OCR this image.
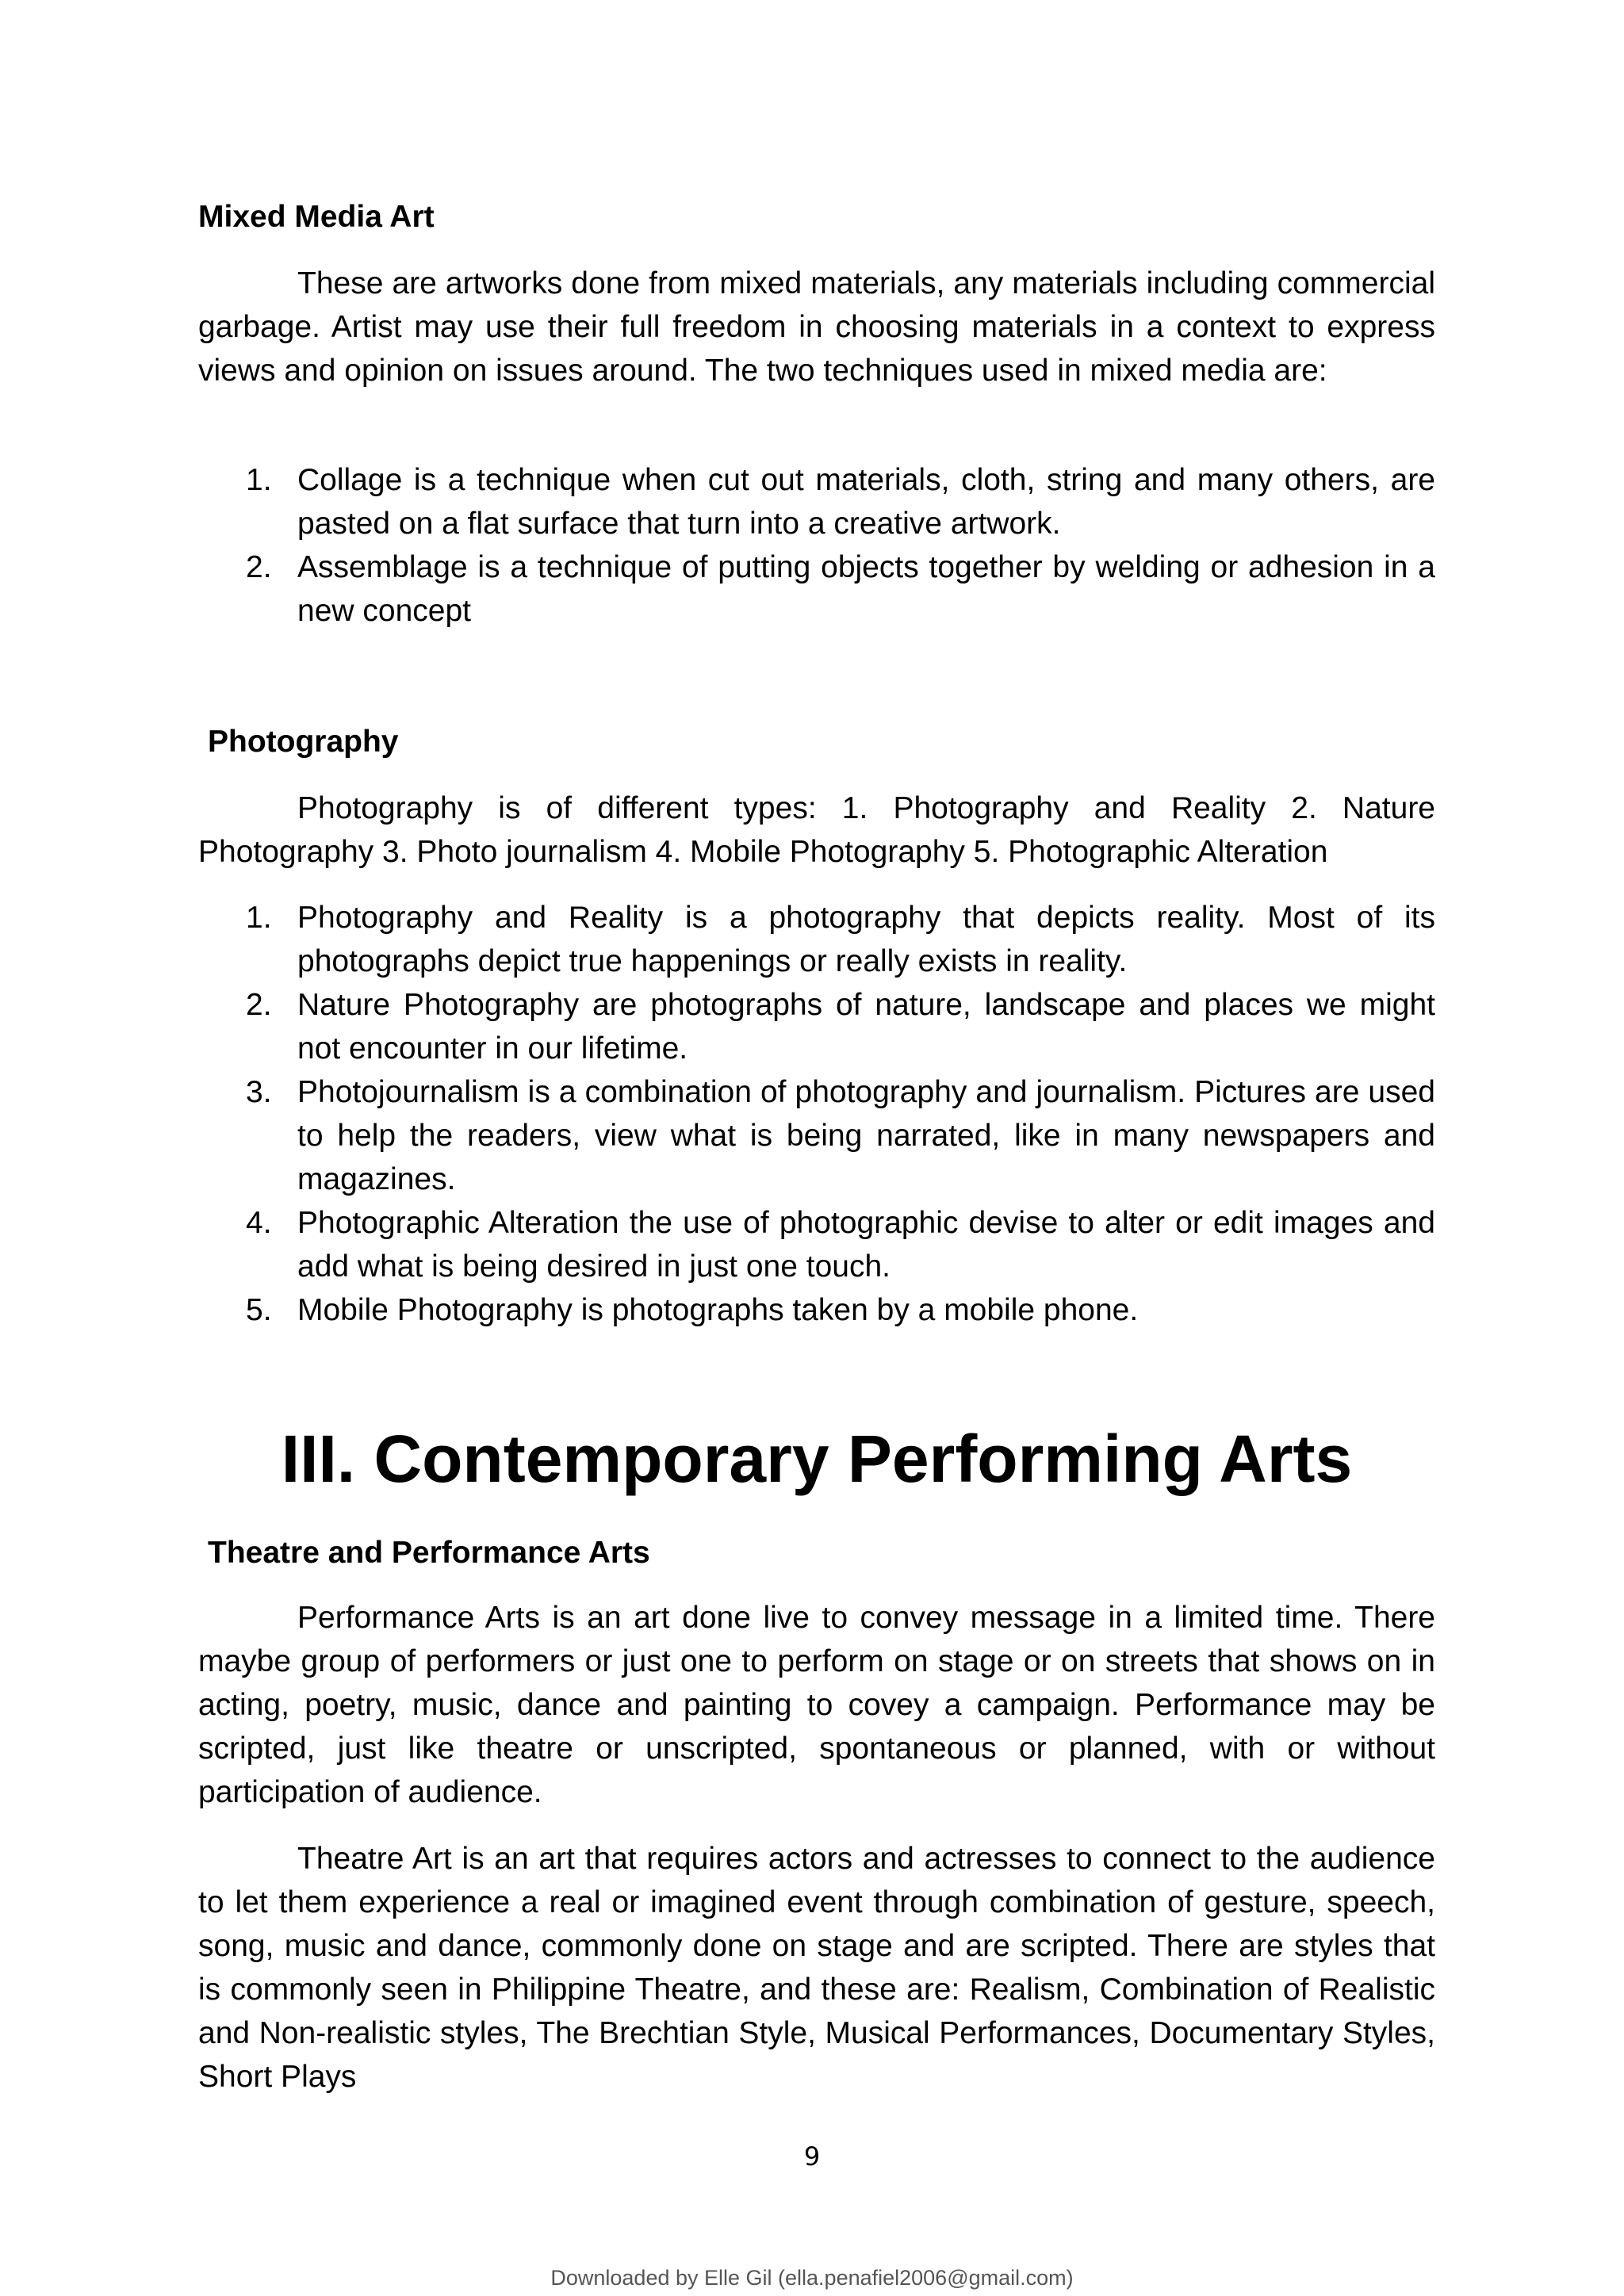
Mixed Media Art

These are artworks done from mixed materials, any materials including commercial garbage. Artist may use their full freedom in choosing materials in a context to express views and opinion on issues around. The two techniques used in mixed media are:

1. Collage is a technique when cut out materials, cloth, string and many others, are pasted on a flat surface that turn into a creative artwork.
2. Assemblage is a technique of putting objects together by welding or adhesion in a new concept
Photography

Photography is of different types: 1. Photography and Reality 2. Nature Photography 3. Photo journalism 4. Mobile Photography 5. Photographic Alteration

1. Photography and Reality is a photography that depicts reality. Most of its photographs depict true happenings or really exists in reality.
2. Nature Photography are photographs of nature, landscape and places we might not encounter in our lifetime.
3. Photojournalism is a combination of photography and journalism. Pictures are used to help the readers, view what is being narrated, like in many newspapers and magazines.
4. Photographic Alteration the use of photographic devise to alter or edit images and add what is being desired in just one touch.
5. Mobile Photography is photographs taken by a mobile phone.
III. Contemporary Performing Arts
Theatre and Performance Arts

Performance Arts is an art done live to convey message in a limited time. There maybe group of performers or just one to perform on stage or on streets that shows on in acting, poetry, music, dance and painting to covey a campaign. Performance may be scripted, just like theatre or unscripted, spontaneous or planned, with or without participation of audience.

Theatre Art is an art that requires actors and actresses to connect to the audience to let them experience a real or imagined event through combination of gesture, speech, song, music and dance, commonly done on stage and are scripted. There are styles that is commonly seen in Philippine Theatre, and these are: Realism, Combination of Realistic and Non-realistic styles, The Brechtian Style, Musical Performances, Documentary Styles, Short Plays

9
Downloaded by Elle Gil (ella.penafiel2006@gmail.com)
